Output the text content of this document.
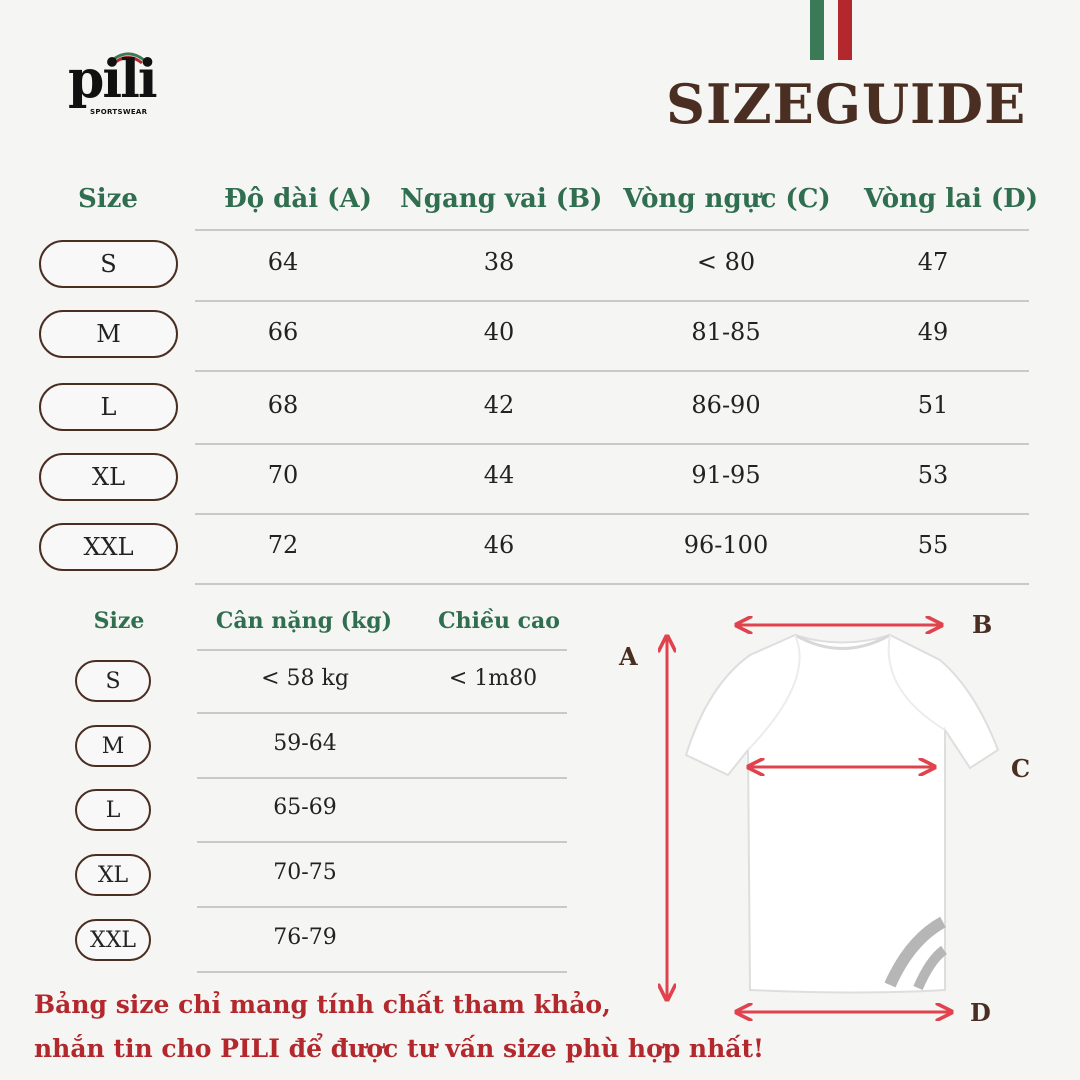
pili
SPORTSWEAR	SIZEGUIDE
Size	Độ dài (A)	Ngang vai (B) Vòng ngực (C)	Vòng lai (D)
S	64	38	< 80	47
M	66	40	81-85	49
L	68	42	86-90	51
XL	70	44	91-95	53
XXL	72	46	96-100	55
Size	Cân nặng (kg)	Chiều cao
S	< 58 kg	< 1m80
M	59-64
L	65-69
XL	70-75
XXL	76-79
A
B
C
D
Bảng size chỉ mang tính chất tham khảo,
nhắn tin cho PILI để được tư vấn size phù hợp nhất!
